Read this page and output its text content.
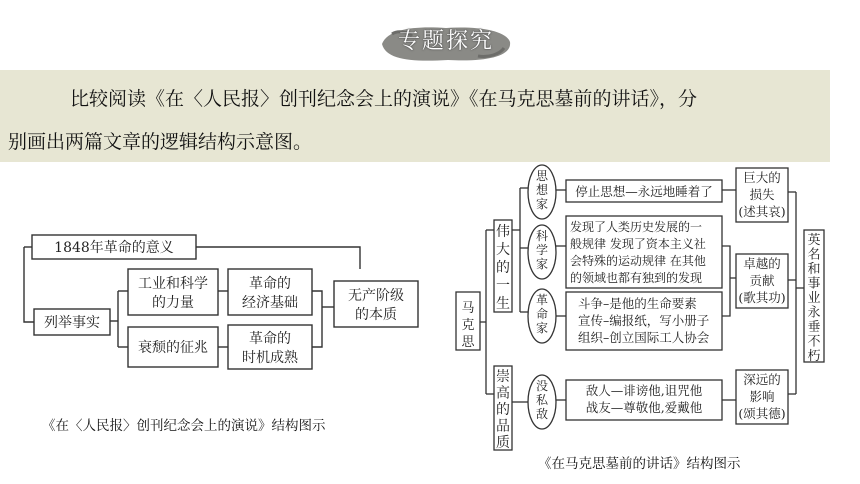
专题探究
比较阅读《在〈人民报〉创刊纪念会上的演说》《在马克思墓前的讲话》，分
别画出两篇文章的逻辑结构示意图。
1848年革命的意义
列举事实
工业和科学
的力量
革命的
经济基础
衰颓的征兆
革命的
时机成熟
无产阶级
的本质
《在〈人民报〉创刊纪念会上的演说》结构图示
马
克
思
伟
大
的
一
生
崇
高
的
品
质
思
想
家
科
学
家
革
命
家
没
私
敌
停止思想—永远地睡着了
发现了人类历史发展的一
般规律 发现了资本主义社
会特殊的运动规律 在其他
的领域也都有独到的发现
斗争–是他的生命要素
宣传–编报纸，写小册子
组织–创立国际工人协会
敌人—诽谤他,诅咒他
战友—尊敬他,爱戴他
巨大的
损失
(述其哀)
卓越的
贡献
(歌其功)
深远的
影响
(颂其德)
英
名
和
事
业
永
垂
不
朽
《在马克思墓前的讲话》结构图示
